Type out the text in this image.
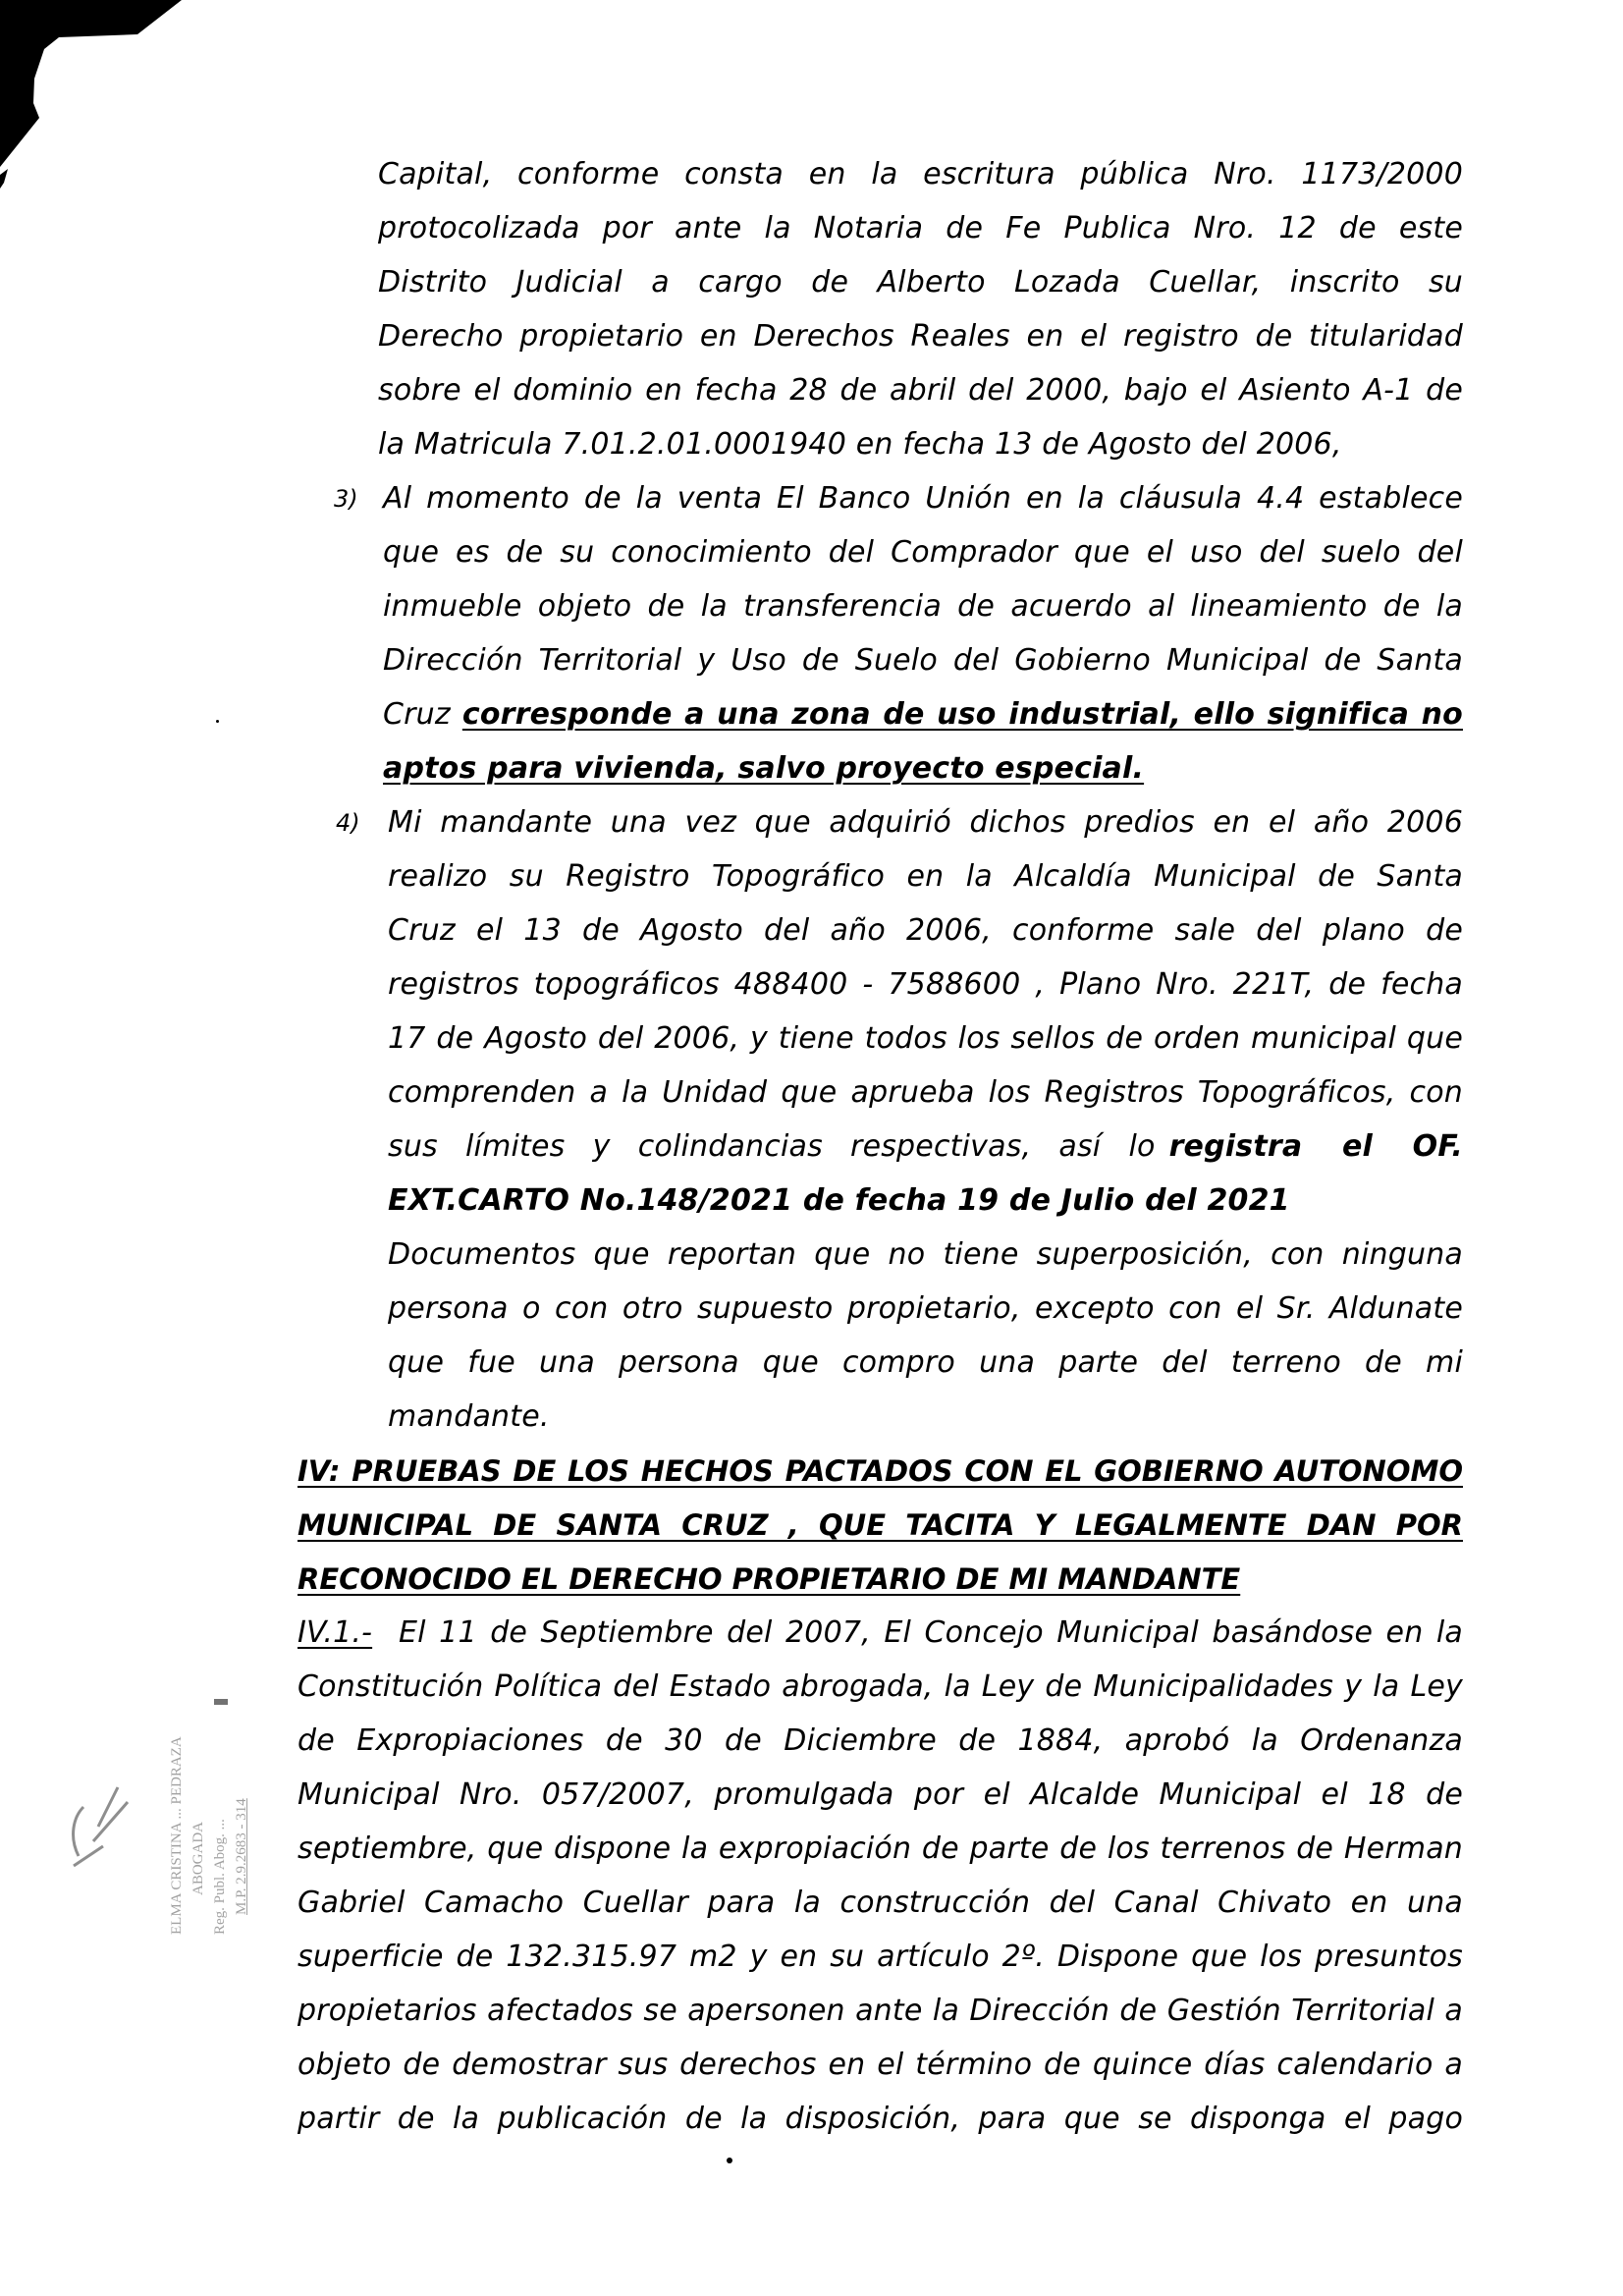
Capital, conforme consta en la escritura pública Nro. 1173/2000
protocolizada por ante la Notaria de Fe Publica Nro. 12 de este
Distrito Judicial a cargo de Alberto Lozada Cuellar, inscrito su
Derecho propietario en Derechos Reales en el registro de titularidad
sobre el dominio en fecha 28 de abril del 2000, bajo el Asiento A-1 de
la Matricula 7.01.2.01.0001940 en fecha 13 de Agosto del 2006,
3) Al momento de la venta El Banco Unión en la cláusula 4.4 establece
que es de su conocimiento del Comprador que el uso del suelo del
inmueble objeto de la transferencia de acuerdo al lineamiento de la
Dirección Territorial y Uso de Suelo del Gobierno Municipal de Santa
Cruz corresponde a una zona de uso industrial, ello significa no
aptos para vivienda, salvo proyecto especial.
4) Mi mandante una vez que adquirió dichos predios en el año 2006
realizo su Registro Topográfico en la Alcaldía Municipal de Santa
Cruz el 13 de Agosto del año 2006, conforme sale del plano de
registros topográficos 488400 - 7588600 , Plano Nro. 221T, de fecha
17 de Agosto del 2006, y tiene todos los sellos de orden municipal que
comprenden a la Unidad que aprueba los Registros Topográficos, con
sus límites y colindancias respectivas, así lo registra el OF.
EXT.CARTO No.148/2021 de fecha 19 de Julio del 2021
Documentos que reportan que no tiene superposición, con ninguna
persona o con otro supuesto propietario, excepto con el Sr. Aldunate
que fue una persona que compro una parte del terreno de mi
mandante.
IV: PRUEBAS DE LOS HECHOS PACTADOS CON EL GOBIERNO AUTONOMO
MUNICIPAL DE SANTA CRUZ , QUE TACITA Y LEGALMENTE DAN POR
RECONOCIDO EL DERECHO PROPIETARIO DE MI MANDANTE
IV.1.- El 11 de Septiembre del 2007, El Concejo Municipal basándose en la
Constitución Política del Estado abrogada, la Ley de Municipalidades y la Ley
de Expropiaciones de 30 de Diciembre de 1884, aprobó la Ordenanza
Municipal Nro. 057/2007, promulgada por el Alcalde Municipal el 18 de
septiembre, que dispone la expropiación de parte de los terrenos de Herman
Gabriel Camacho Cuellar para la construcción del Canal Chivato en una
superficie de 132.315.97 m2 y en su artículo 2º. Dispone que los presuntos
propietarios afectados se apersonen ante la Dirección de Gestión Territorial a
objeto de demostrar sus derechos en el término de quince días calendario a
partir de la publicación de la disposición, para que se disponga el pago
ELMA CRISTINA ... PEDRAZA ABOGADA Reg. Publ. Abog. ... M.P. 2.9.2683 - 314
